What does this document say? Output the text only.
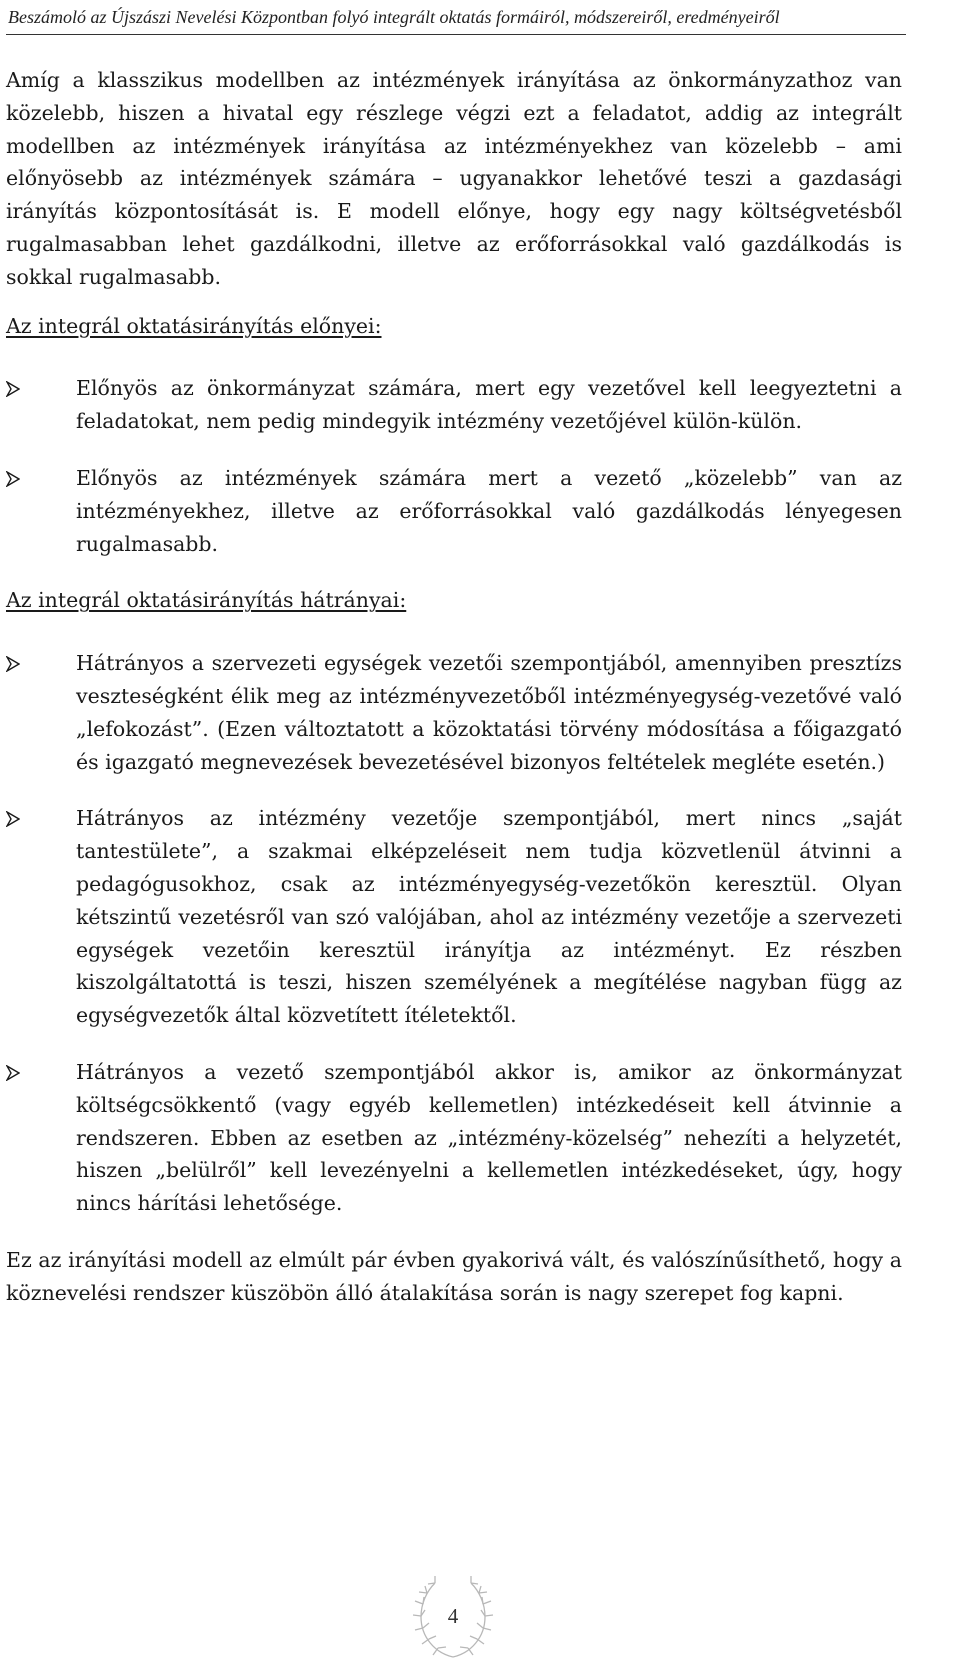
Beszámoló az Újszászi Nevelési Központban folyó integrált oktatás formáiról, módszereiről, eredményeiről

Amíg a klasszikus modellben az intézmények irányítása az önkormányzathoz van közelebb, hiszen a hivatal egy részlege végzi ezt a feladatot, addig az integrált modellben az intézmények irányítása az intézményekhez van közelebb – ami előnyösebb az intézmények számára – ugyanakkor lehetővé teszi a gazdasági irányítás központosítását is. E modell előnye, hogy egy nagy költségvetésből rugalmasabban lehet gazdálkodni, illetve az erőforrásokkal való gazdálkodás is sokkal rugalmasabb.

Az integrál oktatásirányítás előnyei:

Előnyös az önkormányzat számára, mert egy vezetővel kell leegyeztetni a feladatokat, nem pedig mindegyik intézmény vezetőjével külön-külön.
Előnyös az intézmények számára mert a vezető „közelebb” van az intézményekhez, illetve az erőforrásokkal való gazdálkodás lényegesen rugalmasabb.

Az integrál oktatásirányítás hátrányai:

Hátrányos a szervezeti egységek vezetői szempontjából, amennyiben presztízs veszteségként élik meg az intézményvezetőből intézményegység-vezetővé való „lefokozást”. (Ezen változtatott a közoktatási törvény módosítása a főigazgató és igazgató megnevezések bevezetésével bizonyos feltételek megléte esetén.)
Hátrányos az intézmény vezetője szempontjából, mert nincs „saját tantestülete”, a szakmai elképzeléseit nem tudja közvetlenül átvinni a pedagógusokhoz, csak az intézményegység-vezetőkön keresztül. Olyan kétszintű vezetésről van szó valójában, ahol az intézmény vezetője a szervezeti egységek vezetőin keresztül irányítja az intézményt. Ez részben kiszolgáltatottá is teszi, hiszen személyének a megítélése nagyban függ az egységvezetők által közvetített ítéletektől.
Hátrányos a vezető szempontjából akkor is, amikor az önkormányzat költségcsökkentő (vagy egyéb kellemetlen) intézkedéseit kell átvinnie a rendszeren. Ebben az esetben az „intézmény-közelség” nehezíti a helyzetét, hiszen „belülről” kell levezényelni a kellemetlen intézkedéseket, úgy, hogy nincs hárítási lehetősége.

Ez az irányítási modell az elmúlt pár évben gyakorivá vált, és valószínűsíthető, hogy a köznevelési rendszer küszöbön álló átalakítása során is nagy szerepet fog kapni.

4
